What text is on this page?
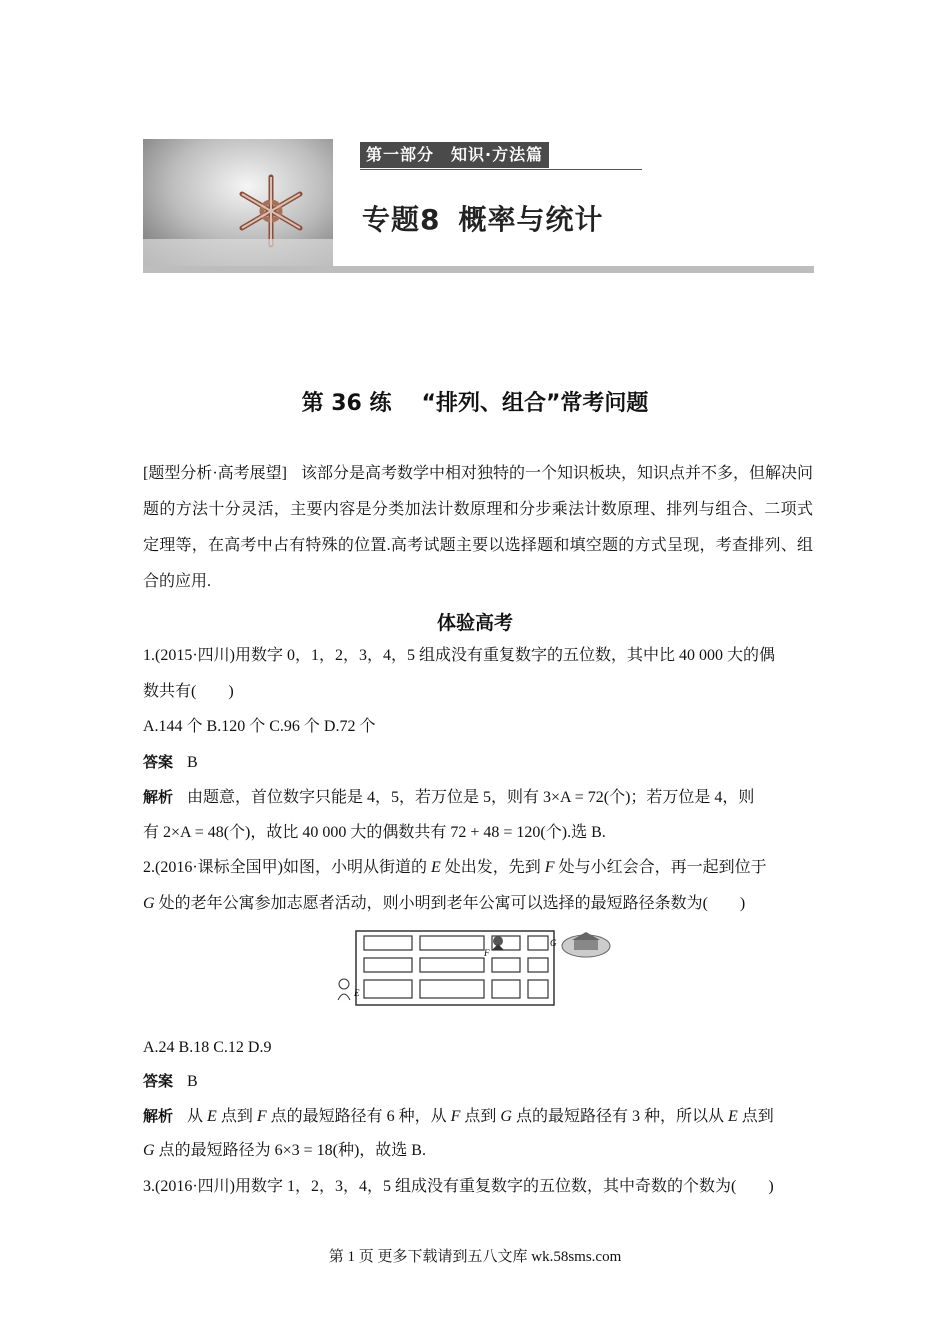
第一部分　知识·方法篇
专题8 概率与统计
第 36 练 “排列、组合”常考问题
[题型分析·高考展望] 该部分是高考数学中相对独特的一个知识板块，知识点并不多，但解决问题的方法十分灵活，主要内容是分类加法计数原理和分步乘法计数原理、排列与组合、二项式定理等，在高考中占有特殊的位置.高考试题主要以选择题和填空题的方式呈现，考查排列、组合的应用.
体验高考
1.(2015·四川)用数字 0，1，2，3，4，5 组成没有重复数字的五位数，其中比 40 000 大的偶
数共有(　　)
A.144 个 B.120 个 C.96 个 D.72 个
答案 B
解析 由题意，首位数字只能是 4，5，若万位是 5，则有 3×A = 72(个)；若万位是 4，则
有 2×A = 48(个)，故比 40 000 大的偶数共有 72 + 48 = 120(个).选 B.
2.(2016·课标全国甲)如图，小明从街道的 E 处出发，先到 F 处与小红会合，再一起到位于
G 处的老年公寓参加志愿者活动，则小明到老年公寓可以选择的最短路径条数为(　　)
E
F
G
A.24 B.18 C.12 D.9
答案 B
解析 从 E 点到 F 点的最短路径有 6 种，从 F 点到 G 点的最短路径有 3 种，所以从 E 点到
G 点的最短路径为 6×3 = 18(种)，故选 B.
3.(2016·四川)用数字 1，2，3，4，5 组成没有重复数字的五位数，其中奇数的个数为(　　)
第 1 页 更多下载请到五八文库 wk.58sms.com
